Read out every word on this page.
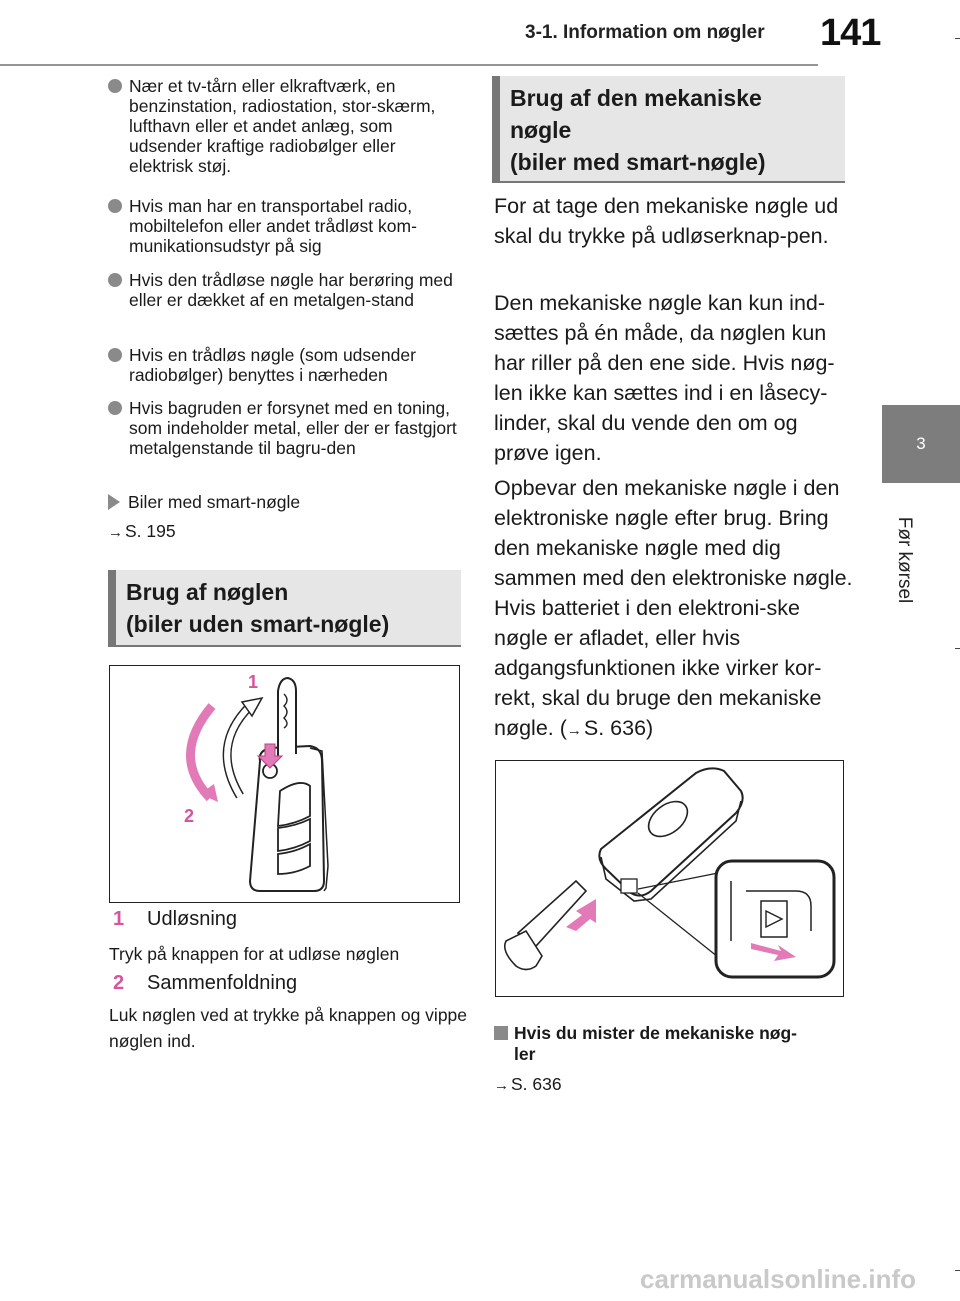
3-1. Information om nøgler 141
3
Før kørsel
Nær et tv-tårn eller elkraftværk, en benzinstation, radiostation, stor-skærm, lufthavn eller et andet anlæg, som udsender kraftige radiobølger eller elektrisk støj.
Hvis man har en transportabel radio, mobiltelefon eller andet trådløst kom-munikationsudstyr på sig
Hvis den trådløse nøgle har berøring med eller er dækket af en metalgen-stand
Hvis en trådløs nøgle (som udsender radiobølger) benyttes i nærheden
Hvis bagruden er forsynet med en toning, som indeholder metal, eller der er fastgjort metalgenstande til bagru-den
Biler med smart-nøgle
→ S. 195
Brug af nøglen
(biler uden smart-nøgle)
1
2
1 Udløsning
Tryk på knappen for at udløse nøglen
2 Sammenfoldning
Luk nøglen ved at trykke på knappen og vippe nøglen ind.
Brug af den mekaniske
nøgle
(biler med smart-nøgle)
For at tage den mekaniske nøgle ud skal du trykke på udløserknap-pen.
Den mekaniske nøgle kan kun ind-sættes på én måde, da nøglen kun har riller på den ene side. Hvis nøg-len ikke kan sættes ind i en låsecy-linder, skal du vende den om og prøve igen.
Opbevar den mekaniske nøgle i den elektroniske nøgle efter brug. Bring den mekaniske nøgle med dig sammen med den elektroniske nøgle. Hvis batteriet i den elektroni-ske nøgle er afladet, eller hvis adgangsfunktionen ikke virker kor-rekt, skal du bruge den mekaniske nøgle. (→S. 636)
Hvis du mister de mekaniske nøg-
ler
→ S. 636
carmanualsonline.info
